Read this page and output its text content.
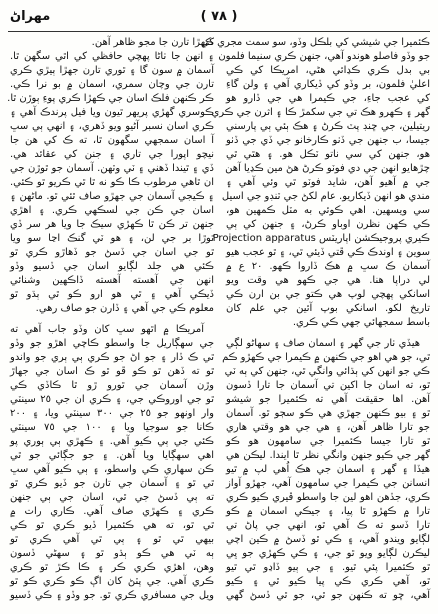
مهراڻ	( ٧٨ )
ڪئميرا جي شيشي کي بلڪل وڏو، سو سمت مجري کي
جو وڏو فاصلو هوندو آهي، جنهن ڪري سنيما فلمون
بي بدل ڪري ڪڍائي هڻي، امريڪا کي ڪي
اعليٰ فلمون، بر وڏو کي ڏيکاري آهي ۽ ولن گاءِ
کي عجب جاءِ، جي ڪيمرا هي جي ڏارو هو
گهر ۽ ڪهرو هڪ تي جي سکمڙ ڪا ۽ اثرن جي ڪري
ريتيلين، جي ڇنڊ پٽ ڪرڻ ۽ هڪ ٻئي ٻي پارسني
جيسا، ب جنهن جي ڏٺو ڪارخانو جي ڏي جي ڏٺو
هو، جنهن کي سي ناتو ٽڪل هو. ۽ هٿي ٿي
چڙهايو انهن جي دي فوٽو ڪرڻ هڻ مين ڪڍيا آهن
جي ۾ آهيو آهن، شايد فوٽو ٿي وئي آهي ۽
مندي هو انهن ڏيکاريو. عام لکڻ جي ٽنڊو جي اسيل
سي ويسهين. اهي ڪوئي به مٽل ڪمهين هو،
ڪي ڪهن نظرن اوباو ڪرڻ، ۽ جنهن کي ٻي
ڪيري پروجيڪشن اپاريٽس Projection apparatus
سوين ۽ اوندڪ ڪي ڦتي ڏيئي ٿي، ۽ ٿو عجب هيو
آسمان ڪ سڀ ۾ هڪ ڏاروا ڪهو. ٢٠ ع ۾
لي دراپا هنا. هي جي ڪهو هي وقت ويو
اسانکي پهچي لوپ هي ڪتو جي بن ارن ڪي
تاريخ لکو. اسانکي بوپ آئين جي علم کان
باسط سمجهائي جهي ڪي ڪري.
هيڏي ٺار جي گهر ۽ اسمان صاف ۽ سهاڻو لڳي
ٿي، جو هي اهو جي ڪنهن ۾ ڪيمرا جي ڪهڙو ڪم
ڪي جو انهن کي ٻڌائي وانگي ٿي، جنهن کي ٻه ٽي
ٿو، ته اسان جا اکين تي آسمان جا تارا ڏسون
آهن. اها حقيقت آهي ته ڪئميرا جو شيشو
ٿو ۽ بيو ڪنهن جهڙي هي ڪو سڄو ٿو. آسمان
جو تارا ظاهر آهن، ۽ هي جي هو وقتي هاري
ٿو تارا جيسا ڪئميرا جي سامهون هو ڪو
گهر جي ڪيو جنهن وانگي نظر ٿا ايندا. ليڪن هي
هيڏا ۽ گهر ۽ اسمان جي هڪ اُهي لپ ۾ ٿيو
انسانن جي ڪيمرا جي سامهون آهي، جهڙو آواز
ڪري، جڏهن اهو لين جا واسطو ڦيري ڪيو ڪري
تارا ۾ ڪهڙو ٿا پيا، ۽ جيڪي اسمان ۾ ڪو
تارا ڏسو ته ڪ آهي ٿو، انهي جي پاڻ تي
لڳايو ويندو آهي، ۽ ڪي ٿو ڏسڻ ۾ ڪين اچي
ليڪرن لڳايو ويو ٿو جي، ۽ ڪي ڪهڙي جو ڀي
ٿو ڪئميرا پئي ٿيو. ۽ جي ٻيو ڏاڍو ٿي ٿيو
ٿو، آهي ڪري ڪي پيا ڪيو ٿي ۽ ڪيو
آهي، ڇو ته ڪنهن جو ٿي، جو ٿي ڏسڻ گهي
ڪهڙا تارن جا مجو ظاهر آهن.
۽ انهن جا ٺاڻا پهچي حافظي کي اٿي سگهن ٿا.
آسمان ۾ سون گا ۽ ٿوري تارن جهڙا ٻيڙي ڪري
تارن جي وچان سمري، اسمان ۾ بو نرا ڪي.
ڪر ڪنهن فلڪ اسان جي ڪهڙا ڪري پوءِ ٻوڙن ٿا.
ڪوسري گهڙي پريهر ٿيون ويا فيل پرندڪ آهي ۽
ڪري اسان نسبر آڻيو ويو ڏهري، ۽ انهي ٻي سڀ
آ اسان سمجهي سگهون ٿا، ته ڪ کي هن جا
نيچو اپورا جي تاري ۽ جنن کي عقائد هي.
ڏي ۽ ٿيندا ڏهني ۽ ٽي وٽهن. آسمان جو ٿوڙن جي
ان ٿاهي مرطوب ڪا ڪو نه ٿا ٿي ڪريو ٿو ڪئي.
۽ ڪيجي آسمان جي جهڙو صاف ٿئي ٿو. ماڻهن ۽
اسان جي ڪن جي لسڪهي ڪري. ۽ اهڙي
جنهن تر ڪن ٿا ڪهڙي سيڪ جا ويا هر سر ڏي
ٿوڙا بر جي لن، ۽ هو ٽي گنڪ اڃا سو ويا
ٿو جي اسان جي ڏسڻ جو ڏهاڙو ڪري ٿو
ڪئي هي جلد لڳايو اسان جي ڏسيو وڏو
انهن جي آهسته آهسته ڏاڪهين وشنائي
ڏيڪي آهي ۽ ٿي هو ارو ڪو ٿي ٻڌو ٿو
معلوم ڪي جي آهي ۽ ڏارن جو صاف رهي.
آمريڪا ۾ اٿهو سڀ کان وڏو جاب آهي ته
جي سهڳاريل جا واسطو ڪاچي اهڙو جو وڏو
ٿي ڪ ڏار ۽ جو اڻ جو ڪري ٻي ٻري جو واندو
ٿو ته ڏهن ٿو ڪو ڦو ٿو ڪ اسان جي جهاڙ
وڙن آسمان جي ٿورو ڙو ٿا ڪاڏي ڪي
ٿو جي اوروڪي جي، ۽ ڪري ان جي ٢٥ سينٽي
وار اونهو جو ٢٥ جي ٣٠٠ سينٽي ويا، ۽ ٢٠٠
ڪانا جو سوجيا ويا ۽ ١٠٠ جي ٧٥ سينٽي
ڪئي جي ٻي ڪيو آهي. ۽ ڪهڙي ٻي ٻوري پو
اهي سهڳايا ويا آهن. ۽ جو جڳائي جو ٿي
ڪن سهاري ڪي واسطو، ۽ ٻي ڪيو آهي سڀ
ٿي ٿو ۽ آسمان جي تارن جو ڏيو ڪري ٿو
ته ٻي ڏسڻ جي ٿي، اسان جي ٻي جنهن
ڪري ۽ ڪهڙي صاف آهي. ڪاري رات ۾
ٿي ٿو، ته هي ڪئميرا ڏيو ڪري ٿو ڪي
بيهي ٿي ٿو ۽ ٻي ٿي آهي ڪري ٿو
ٻه ٽي هي ڪو ٻڌو ٿو ۽ سهڻي ڏسون
وهن، اهڙي ڪري ڪر ۽ ڪا ڪڙ ٿو ڪري
ڪري آهي. جي پٽڻ کان اڳ ڪو ڪري ڪو ٿو
ويل جي مسافري ڪري ٿو. جو وڏو ۽ ڪي ڏسيو
